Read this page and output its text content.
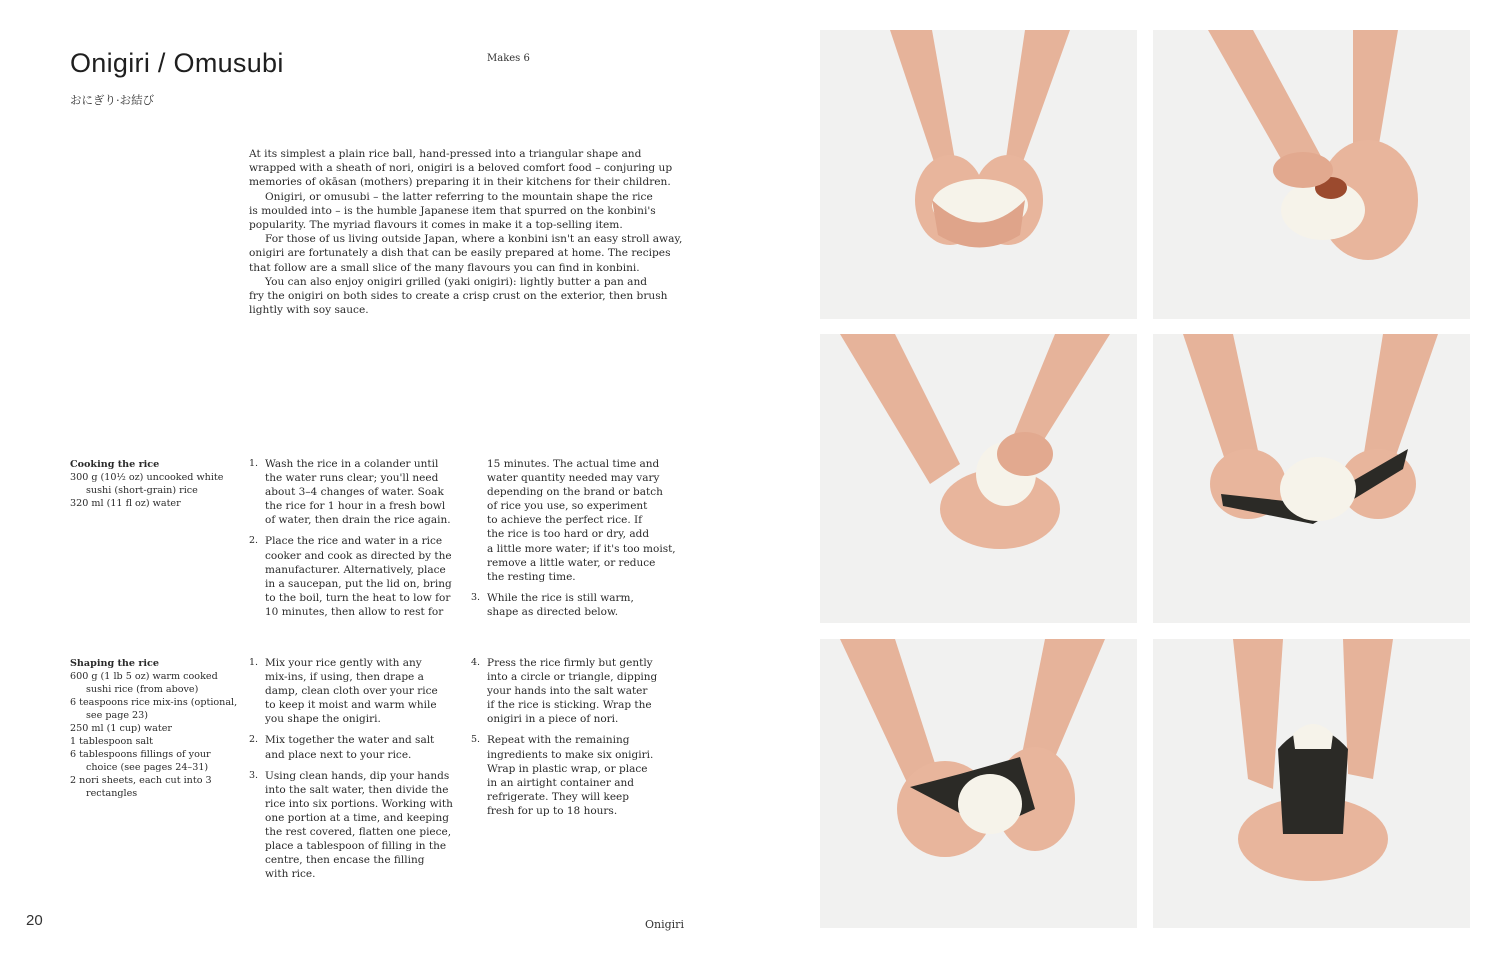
Onigiri / Omusubi
おにぎり·お結び
Makes 6

At its simplest a plain rice ball, hand-pressed into a triangular shape and
wrapped with a sheath of nori, onigiri is a beloved comfort food – conjuring up
memories of okāsan (mothers) preparing it in their kitchens for their children.

Onigiri, or omusubi – the latter referring to the mountain shape the rice
is moulded into – is the humble Japanese item that spurred on the konbini's
popularity. The myriad flavours it comes in make it a top-selling item.

For those of us living outside Japan, where a konbini isn't an easy stroll away,
onigiri are fortunately a dish that can be easily prepared at home. The recipes
that follow are a small slice of the many flavours you can find in konbini.

You can also enjoy onigiri grilled (yaki onigiri): lightly butter a pan and
fry the onigiri on both sides to create a crisp crust on the exterior, then brush
lightly with soy sauce.

Cooking the rice
300 g (10½ oz) uncooked white sushi (short-grain) rice
320 ml (11 fl oz) water
1. Wash the rice in a colander until
the water runs clear; you'll need
about 3–4 changes of water. Soak
the rice for 1 hour in a fresh bowl
of water, then drain the rice again.
2. Place the rice and water in a rice
cooker and cook as directed by the
manufacturer. Alternatively, place
in a saucepan, put the lid on, bring
to the boil, turn the heat to low for
10 minutes, then allow to rest for
15 minutes. The actual time and
water quantity needed may vary
depending on the brand or batch
of rice you use, so experiment
to achieve the perfect rice. If
the rice is too hard or dry, add
a little more water; if it's too moist,
remove a little water, or reduce
the resting time.
3. While the rice is still warm,
shape as directed below.
Shaping the rice
600 g (1 lb 5 oz) warm cooked sushi rice (from above)
6 teaspoons rice mix-ins (optional, see page 23)
250 ml (1 cup) water
1 tablespoon salt
6 tablespoons fillings of your choice (see pages 24–31)
2 nori sheets, each cut into 3 rectangles
1. Mix your rice gently with any
mix-ins, if using, then drape a
damp, clean cloth over your rice
to keep it moist and warm while
you shape the onigiri.
2. Mix together the water and salt
and place next to your rice.
3. Using clean hands, dip your hands
into the salt water, then divide the
rice into six portions. Working with
one portion at a time, and keeping
the rest covered, flatten one piece,
place a tablespoon of filling in the
centre, then encase the filling
with rice.
4. Press the rice firmly but gently
into a circle or triangle, dipping
your hands into the salt water
if the rice is sticking. Wrap the
onigiri in a piece of nori.
5. Repeat with the remaining
ingredients to make six onigiri.
Wrap in plastic wrap, or place
in an airtight container and
refrigerate. They will keep
fresh for up to 18 hours.
20	Onigiri
